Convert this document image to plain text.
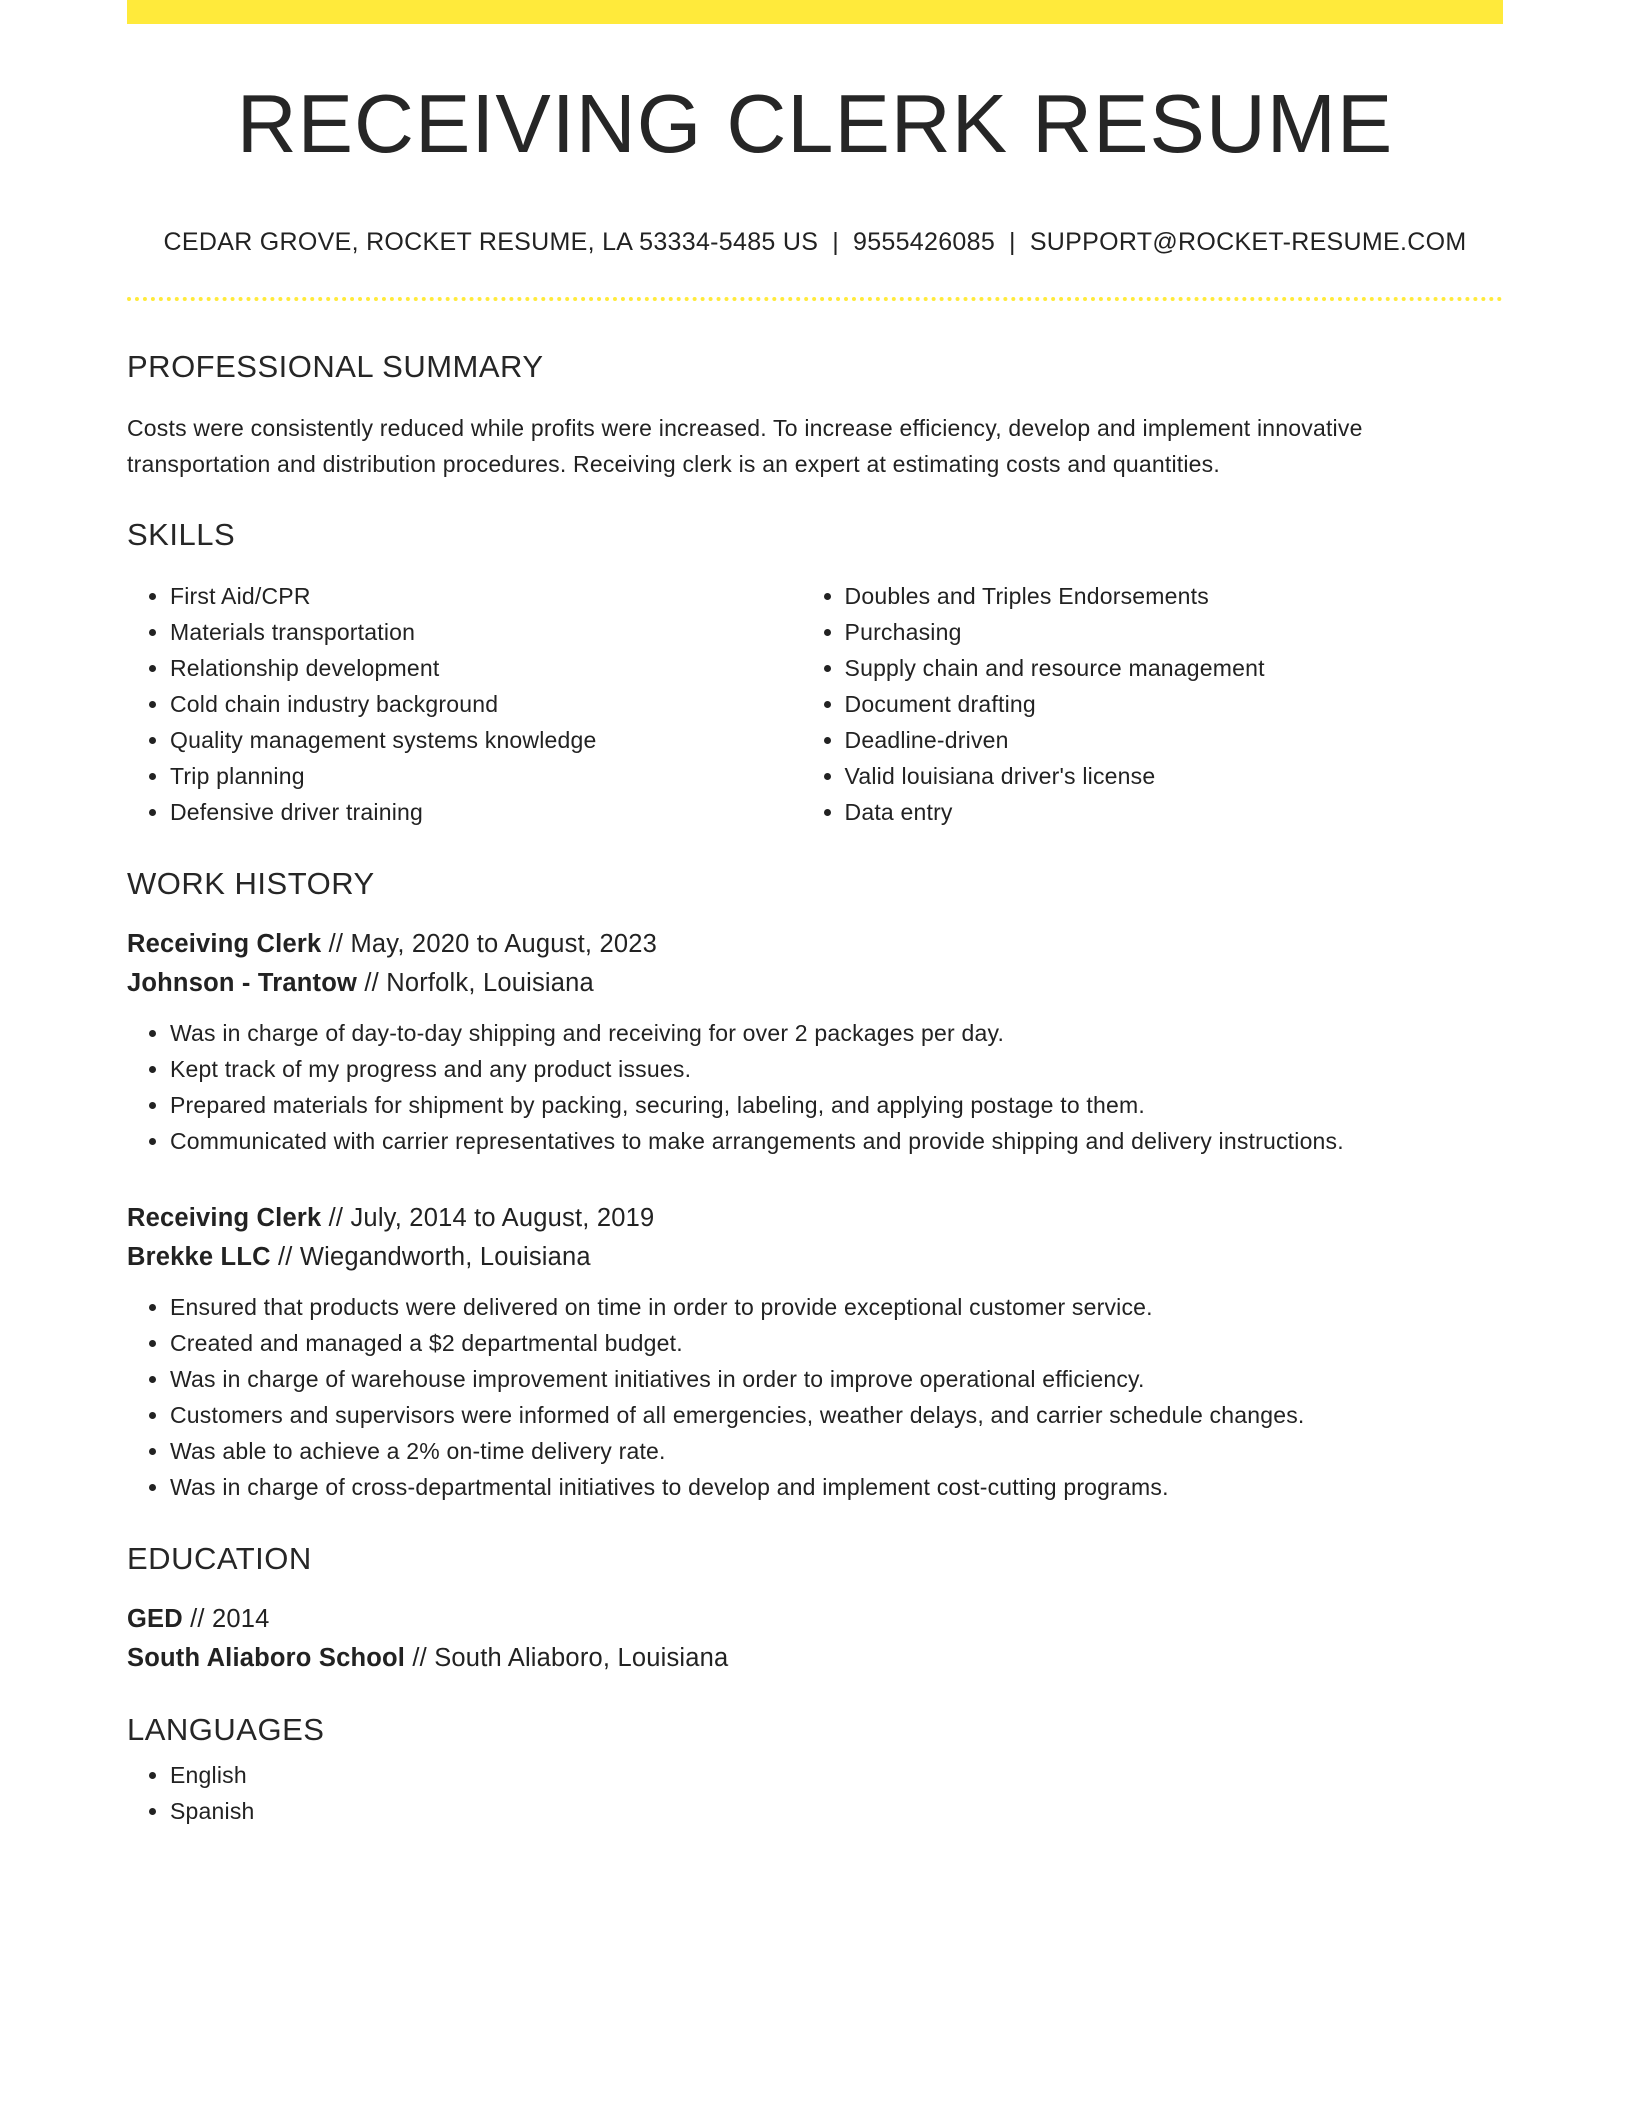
RECEIVING CLERK RESUME
CEDAR GROVE, ROCKET RESUME, LA 53334-5485 US | 9555426085 | SUPPORT@ROCKET-RESUME.COM
PROFESSIONAL SUMMARY
Costs were consistently reduced while profits were increased. To increase efficiency, develop and implement innovative transportation and distribution procedures. Receiving clerk is an expert at estimating costs and quantities.
SKILLS
• First Aid/CPR
• Materials transportation
• Relationship development
• Cold chain industry background
• Quality management systems knowledge
• Trip planning
• Defensive driver training
• Doubles and Triples Endorsements
• Purchasing
• Supply chain and resource management
• Document drafting
• Deadline-driven
• Valid louisiana driver's license
• Data entry
WORK HISTORY
Receiving Clerk // May, 2020 to August, 2023
Johnson - Trantow // Norfolk, Louisiana
• Was in charge of day-to-day shipping and receiving for over 2 packages per day.
• Kept track of my progress and any product issues.
• Prepared materials for shipment by packing, securing, labeling, and applying postage to them.
• Communicated with carrier representatives to make arrangements and provide shipping and delivery instructions.
Receiving Clerk // July, 2014 to August, 2019
Brekke LLC // Wiegandworth, Louisiana
• Ensured that products were delivered on time in order to provide exceptional customer service.
• Created and managed a $2 departmental budget.
• Was in charge of warehouse improvement initiatives in order to improve operational efficiency.
• Customers and supervisors were informed of all emergencies, weather delays, and carrier schedule changes.
• Was able to achieve a 2% on-time delivery rate.
• Was in charge of cross-departmental initiatives to develop and implement cost-cutting programs.
EDUCATION
GED // 2014
South Aliaboro School // South Aliaboro, Louisiana
LANGUAGES
• English
• Spanish
